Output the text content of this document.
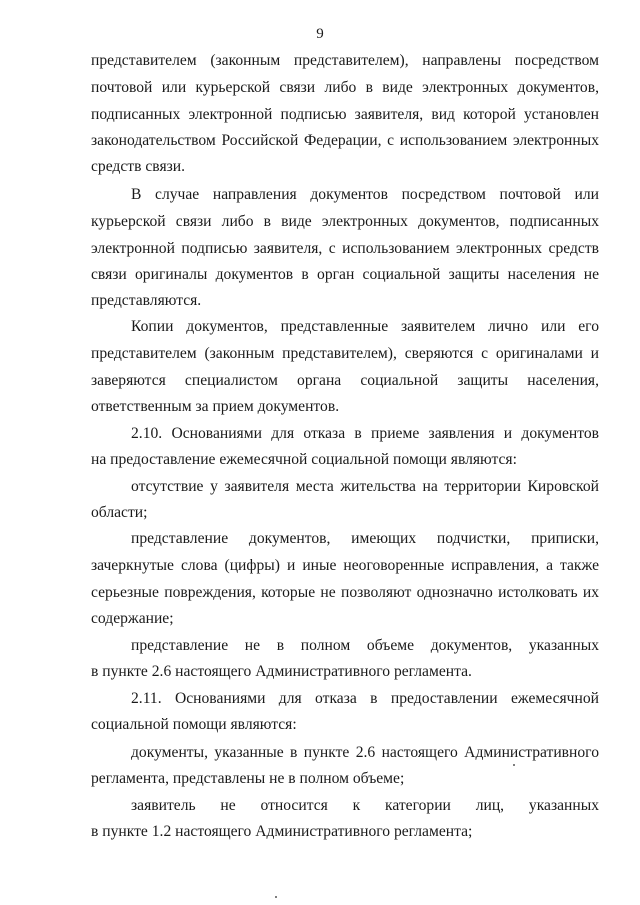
9
представителем (законным представителем), направлены посредством
почтовой или курьерской связи либо в виде электронных документов,
подписанных электронной подписью заявителя, вид которой установлен
законодательством Российской Федерации, с использованием электронных
средств связи.
В случае направления документов посредством почтовой или
курьерской связи либо в виде электронных документов, подписанных
электронной подписью заявителя, с использованием электронных средств
связи оригиналы документов в орган социальной защиты населения не
представляются.
Копии документов, представленные заявителем лично или его
представителем (законным представителем), сверяются с оригиналами и
заверяются специалистом органа социальной защиты населения,
ответственным за прием документов.
2.10. Основаниями для отказа в приеме заявления и документов
на предоставление ежемесячной социальной помощи являются:
отсутствие у заявителя места жительства на территории Кировской
области;
представление документов, имеющих подчистки, приписки,
зачеркнутые слова (цифры) и иные неоговоренные исправления, а также
серьезные повреждения, которые не позволяют однозначно истолковать их
содержание;
представление не в полном объеме документов, указанных
в пункте 2.6 настоящего Административного регламента.
2.11. Основаниями для отказа в предоставлении ежемесячной
социальной помощи являются:
документы, указанные в пункте 2.6 настоящего Административного
регламента, представлены не в полном объеме;
заявитель не относится к категории лиц, указанных
в пункте 1.2 настоящего Административного регламента;
